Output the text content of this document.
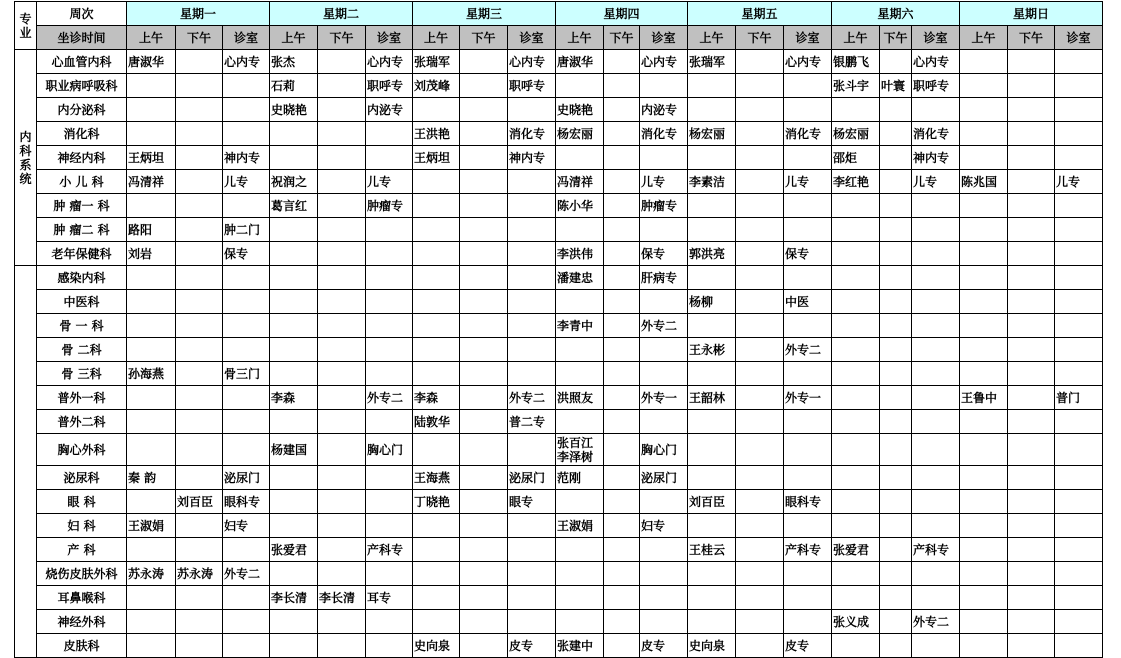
专业	周次	星期一			星期二			星期三			星期四			星期五			星期六			星期日		
	坐诊时间	上午	下午	诊室	上午	下午	诊室	上午	下午	诊室	上午	下午	诊室	上午	下午	诊室	上午	下午	诊室	上午	下午	诊室
内科系统	心血管内科	唐淑华		心内专	张杰		心内专	张瑞军		心内专	唐淑华		心内专	张瑞军		心内专	银鹏飞		心内专			
	职业病呼吸科				石莉		职呼专	刘茂峰		职呼专							张斗宇	叶寰	职呼专			
	内分泌科				史晓艳		内泌专				史晓艳		内泌专									
	消化科							王洪艳		消化专	杨宏丽		消化专	杨宏丽		消化专	杨宏丽		消化专			
	神经内科	王炳坦		神内专				王炳坦		神内专							邵炬		神内专			
	小 儿 科	冯清祥		儿专	祝润之		儿专				冯清祥		儿专	李素洁		儿专	李红艳		儿专	陈兆国		儿专
	肿 瘤一 科				葛言红		肿瘤专				陈小华		肿瘤专									
	肿 瘤二 科	路阳		肿二门																		
	老年保健科	刘岩		保专							李洪伟		保专	郭洪亮		保专						
	感染内科										潘建忠		肝病专									
	中医科													杨柳		中医						
	骨 一 科										李青中		外专二									
	骨 二科													王永彬		外专二						
	骨 三科	孙海燕		骨三门																		
	普外一科				李森		外专二	李森		外专二	洪照友		外专一	王韶林		外专一				王鲁中		普门
	普外二科							陆敦华		普二专												
	胸心外科				杨建国		胸心门				张百江 李泽树		胸心门									
	泌尿科	秦 韵		泌尿门				王海燕		泌尿门	范刚		泌尿门									
	眼 科		刘百臣	眼科专				丁晓艳		眼专				刘百臣		眼科专						
	妇 科	王淑娟		妇专							王淑娟		妇专									
	产 科				张爱君		产科专							王桂云		产科专	张爱君		产科专			
	烧伤皮肤外科	苏永涛	苏永涛	外专二																		
	耳鼻喉科				李长清	李长清	耳专															
	神经外科																张义成		外专二			
	皮肤科							史向泉		皮专	张建中		皮专	史向泉		皮专						
